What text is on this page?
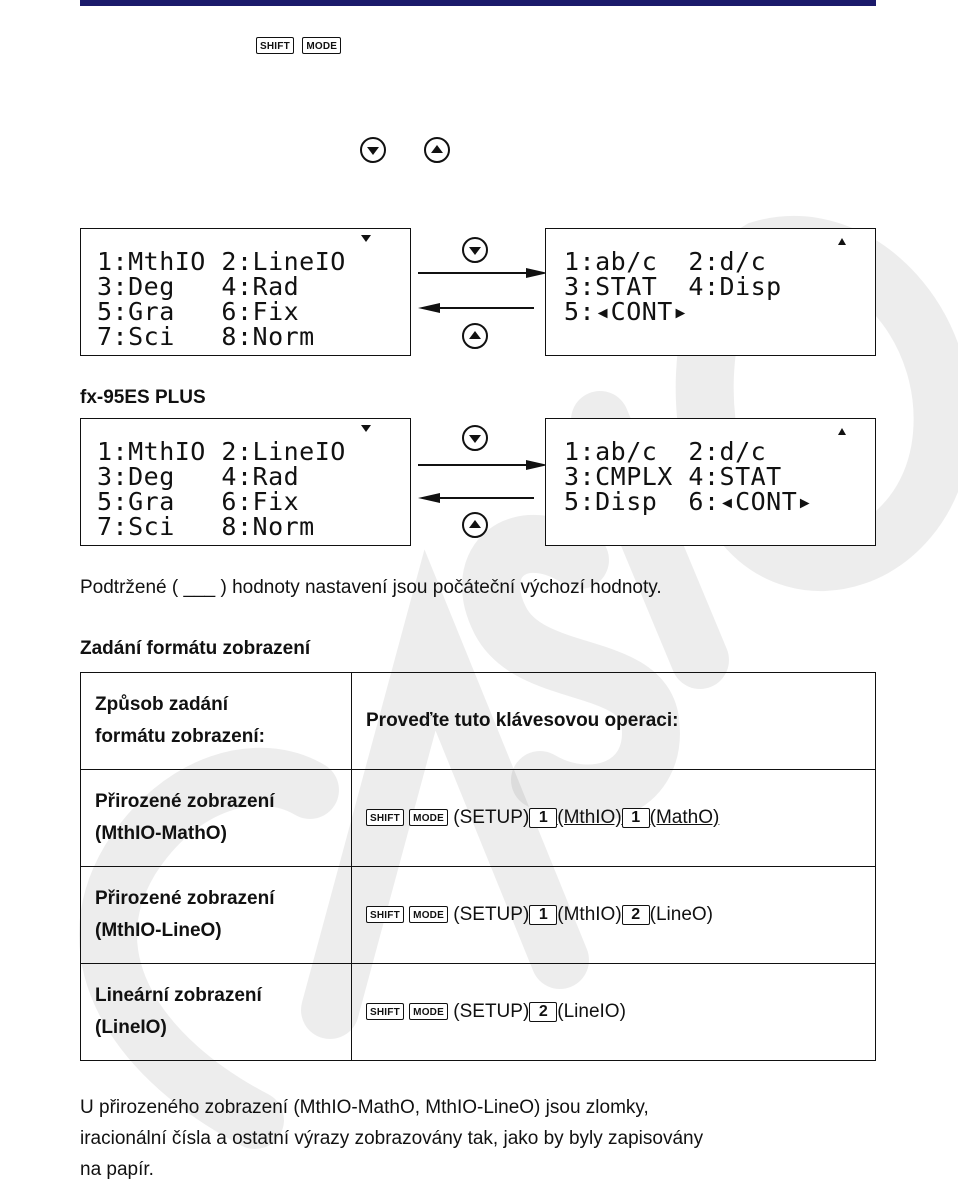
SHIFT MODE
1:MthIO 2:LineIO
3:Deg   4:Rad
5:Gra   6:Fix
7:Sci   8:Norm
1:ab/c  2:d/c
3:STAT  4:Disp
5:◂CONT▸
fx-95ES PLUS
1:MthIO 2:LineIO
3:Deg   4:Rad
5:Gra   6:Fix
7:Sci   8:Norm
1:ab/c  2:d/c
3:CMPLX 4:STAT
5:Disp  6:◂CONT▸
Podtržené ( ___ ) hodnoty nastavení jsou počáteční výchozí hodnoty.
Zadání formátu zobrazení
Způsob zadání
formátu zobrazení:	Proveďte tuto klávesovou operaci:

Přirozené zobrazení
(MthIO-MathO)	SHIFT MODE (SETUP) 1 (MthIO) 1 (MathO)

Přirozené zobrazení
(MthIO-LineO)	SHIFT MODE (SETUP) 1 (MthIO) 2 (LineO)

Lineární zobrazení
(LineIO)	SHIFT MODE (SETUP) 2 (LineIO)
U přirozeného zobrazení (MthIO-MathO, MthIO-LineO) jsou zlomky,
iracionální čísla a ostatní výrazy zobrazovány tak, jako by byly zapisovány
na papír.
